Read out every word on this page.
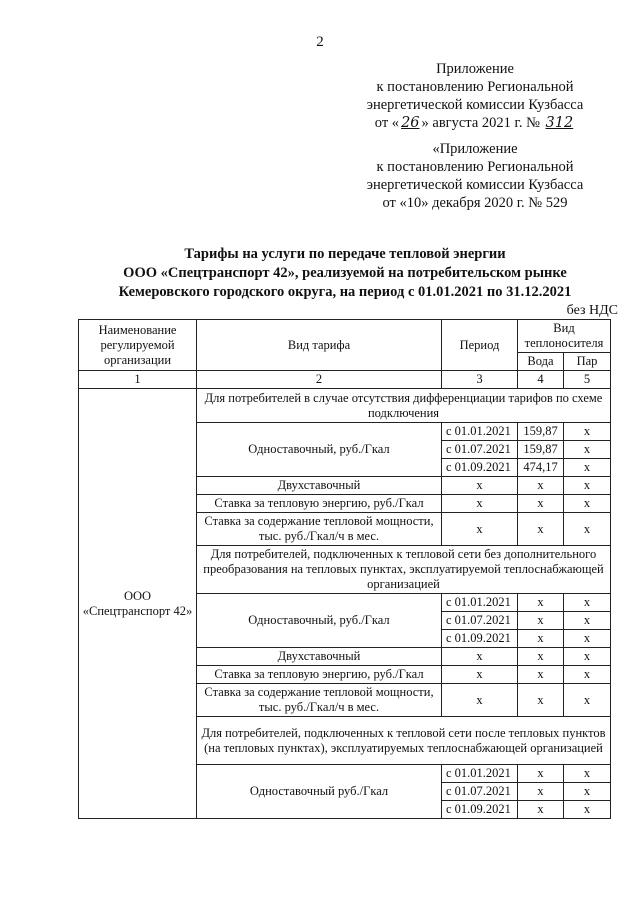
2
Приложение
к постановлению Региональной
энергетической комиссии Кузбасса
от « 26 » августа 2021 г. № 312
«Приложение
к постановлению Региональной
энергетической комиссии Кузбасса
от «10» декабря 2020 г. № 529
Тарифы на услуги по передаче тепловой энергии
ООО «Спецтранспорт 42», реализуемой на потребительском рынке
Кемеровского городского округа, на период с 01.01.2021 по 31.12.2021
без НДС
Наименование регулируемой организации	Вид тарифа	Период	Вид теплоносителя	
			Вода	Пар
1	2	3	4	5
ООО «Спецтранспорт 42»	Для потребителей в случае отсутствия дифференциации тарифов по схеме подключения			
	Одноставочный, руб./Гкал	с 01.01.2021	159,87	х
		с 01.07.2021	159,87	х
		с 01.09.2021	474,17	х
	Двухставочный	х	х	х
	Ставка за тепловую энергию, руб./Гкал	х	х	х
	Ставка за содержание тепловой мощности, тыс. руб./Гкал/ч в мес.	х	х	х
	Для потребителей, подключенных к тепловой сети без дополнительного преобразования на тепловых пунктах, эксплуатируемой теплоснабжающей организацией			
	Одноставочный, руб./Гкал	с 01.01.2021	х	х
		с 01.07.2021	х	х
		с 01.09.2021	х	х
	Двухставочный	х	х	х
	Ставка за тепловую энергию, руб./Гкал	х	х	х
	Ставка за содержание тепловой мощности, тыс. руб./Гкал/ч в мес.	х	х	х
	Для потребителей, подключенных к тепловой сети после тепловых пунктов (на тепловых пунктах), эксплуатируемых теплоснабжающей организацией			
	Одноставочный руб./Гкал	с 01.01.2021	х	х
		с 01.07.2021	х	х
		с 01.09.2021	х	х
